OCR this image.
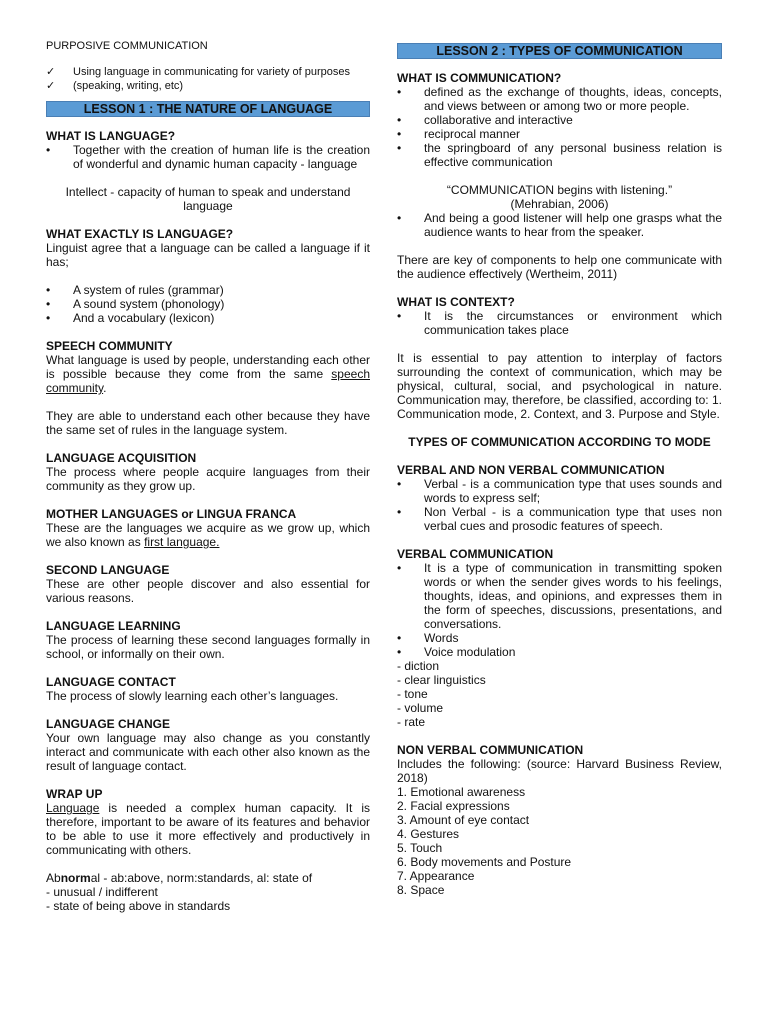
PURPOSIVE COMMUNICATION
✓ Using language in communicating for variety of purposes
✓ (speaking, writing, etc)
LESSON 1 : THE NATURE OF LANGUAGE
WHAT IS LANGUAGE?
• Together with the creation of human life is the creation of wonderful and dynamic human capacity - language
Intellect - capacity of human to speak and understand language
WHAT EXACTLY IS LANGUAGE?
Linguist agree that a language can be called a language if it has;
• A system of rules (grammar)
• A sound system (phonology)
• And a vocabulary (lexicon)
SPEECH COMMUNITY
What language is used by people, understanding each other is possible because they come from the same speech community.
They are able to understand each other because they have the same set of rules in the language system.
LANGUAGE ACQUISITION
The process where people acquire languages from their community as they grow up.
MOTHER LANGUAGES or LINGUA FRANCA
These are the languages we acquire as we grow up, which we also known as first language.
SECOND LANGUAGE
These are other people discover and also essential for various reasons.
LANGUAGE LEARNING
The process of learning these second languages formally in school, or informally on their own.
LANGUAGE CONTACT
The process of slowly learning each other’s languages.
LANGUAGE CHANGE
Your own language may also change as you constantly interact and communicate with each other also known as the result of language contact.
WRAP UP
Language is needed a complex human capacity. It is therefore, important to be aware of its features and behavior to be able to use it more effectively and productively in communicating with others.
Abnormal - ab:above, norm:standards, al: state of
- unusual / indifferent
- state of being above in standards
LESSON 2 : TYPES OF COMMUNICATION
WHAT IS COMMUNICATION?
• defined as the exchange of thoughts, ideas, concepts, and views between or among two or more people.
• collaborative and interactive
• reciprocal manner
• the springboard of any personal business relation is effective communication
“COMMUNICATION begins with listening.”
(Mehrabian, 2006)
• And being a good listener will help one grasps what the audience wants to hear from the speaker.
There are key of components to help one communicate with the audience effectively (Wertheim, 2011)
WHAT IS CONTEXT?
• It is the circumstances or environment which communication takes place
It is essential to pay attention to interplay of factors surrounding the context of communication, which may be physical, cultural, social, and psychological in nature. Communication may, therefore, be classified, according to: 1. Communication mode, 2. Context, and 3. Purpose and Style.
TYPES OF COMMUNICATION ACCORDING TO MODE
VERBAL AND NON VERBAL COMMUNICATION
• Verbal - is a communication type that uses sounds and words to express self;
• Non Verbal - is a communication type that uses non verbal cues and prosodic features of speech.
VERBAL COMMUNICATION
• It is a type of communication in transmitting spoken words or when the sender gives words to his feelings, thoughts, ideas, and opinions, and expresses them in the form of speeches, discussions, presentations, and conversations.
• Words
• Voice modulation
- diction
- clear linguistics
- tone
- volume
- rate
NON VERBAL COMMUNICATION
Includes the following: (source: Harvard Business Review, 2018)
1. Emotional awareness
2. Facial expressions
3. Amount of eye contact
4. Gestures
5. Touch
6. Body movements and Posture
7. Appearance
8. Space
